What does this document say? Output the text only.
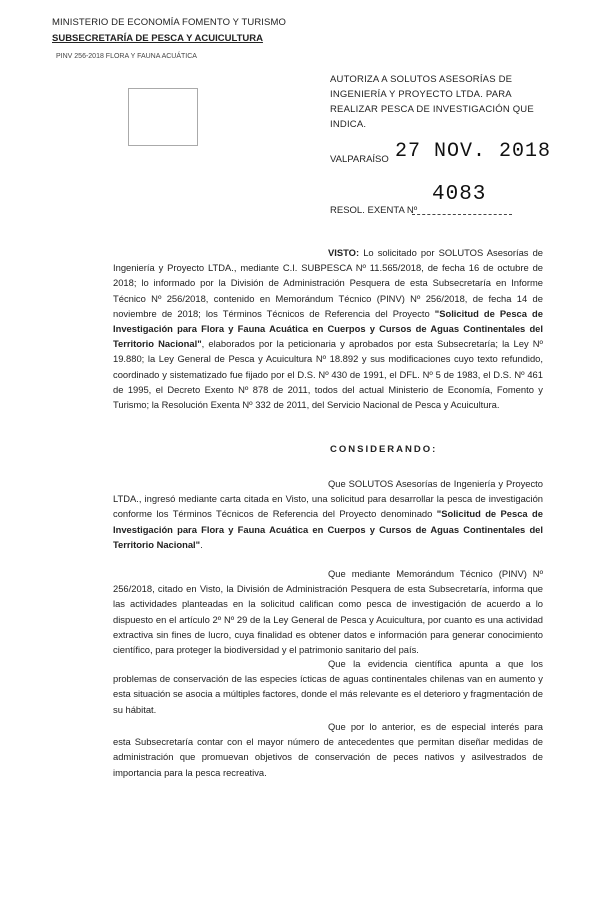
MINISTERIO DE ECONOMÍA FOMENTO Y TURISMO
SUBSECRETARÍA DE PESCA Y ACUICULTURA
PINV 256-2018 FLORA Y FAUNA ACUÁTICA
AUTORIZA A SOLUTOS ASESORÍAS DE INGENIERÍA Y PROYECTO LTDA. PARA REALIZAR PESCA DE INVESTIGACIÓN QUE INDICA.
VALPARAÍSO 27 NOV. 2018
4083
RESOL. EXENTA Nº
VISTO: Lo solicitado por SOLUTOS Asesorías de Ingeniería y Proyecto LTDA., mediante C.I. SUBPESCA Nº 11.565/2018, de fecha 16 de octubre de 2018; lo informado por la División de Administración Pesquera de esta Subsecretaría en Informe Técnico Nº 256/2018, contenido en Memorándum Técnico (PINV) Nº 256/2018, de fecha 14 de noviembre de 2018; los Términos Técnicos de Referencia del Proyecto "Solicitud de Pesca de Investigación para Flora y Fauna Acuática en Cuerpos y Cursos de Aguas Continentales del Territorio Nacional", elaborados por la peticionaria y aprobados por esta Subsecretaría; la Ley Nº 19.880; la Ley General de Pesca y Acuicultura Nº 18.892 y sus modificaciones cuyo texto refundido, coordinado y sistematizado fue fijado por el D.S. Nº 430 de 1991, el DFL. Nº 5 de 1983, el D.S. Nº 461 de 1995, el Decreto Exento Nº 878 de 2011, todos del actual Ministerio de Economía, Fomento y Turismo; la Resolución Exenta Nº 332 de 2011, del Servicio Nacional de Pesca y Acuicultura.
CONSIDERANDO:
Que SOLUTOS Asesorías de Ingeniería y Proyecto LTDA., ingresó mediante carta citada en Visto, una solicitud para desarrollar la pesca de investigación conforme los Términos Técnicos de Referencia del Proyecto denominado "Solicitud de Pesca de Investigación para Flora y Fauna Acuática en Cuerpos y Cursos de Aguas Continentales del Territorio Nacional".
Que mediante Memorándum Técnico (PINV) Nº 256/2018, citado en Visto, la División de Administración Pesquera de esta Subsecretaría, informa que las actividades planteadas en la solicitud califican como pesca de investigación de acuerdo a lo dispuesto en el artículo 2º Nº 29 de la Ley General de Pesca y Acuicultura, por cuanto es una actividad extractiva sin fines de lucro, cuya finalidad es obtener datos e información para generar conocimiento científico, para proteger la biodiversidad y el patrimonio sanitario del país.
Que la evidencia científica apunta a que los problemas de conservación de las especies ícticas de aguas continentales chilenas van en aumento y esta situación se asocia a múltiples factores, donde el más relevante es el deterioro y fragmentación de su hábitat.
Que por lo anterior, es de especial interés para esta Subsecretaría contar con el mayor número de antecedentes que permitan diseñar medidas de administración que promuevan objetivos de conservación de peces nativos y asilvestrados de importancia para la pesca recreativa.
